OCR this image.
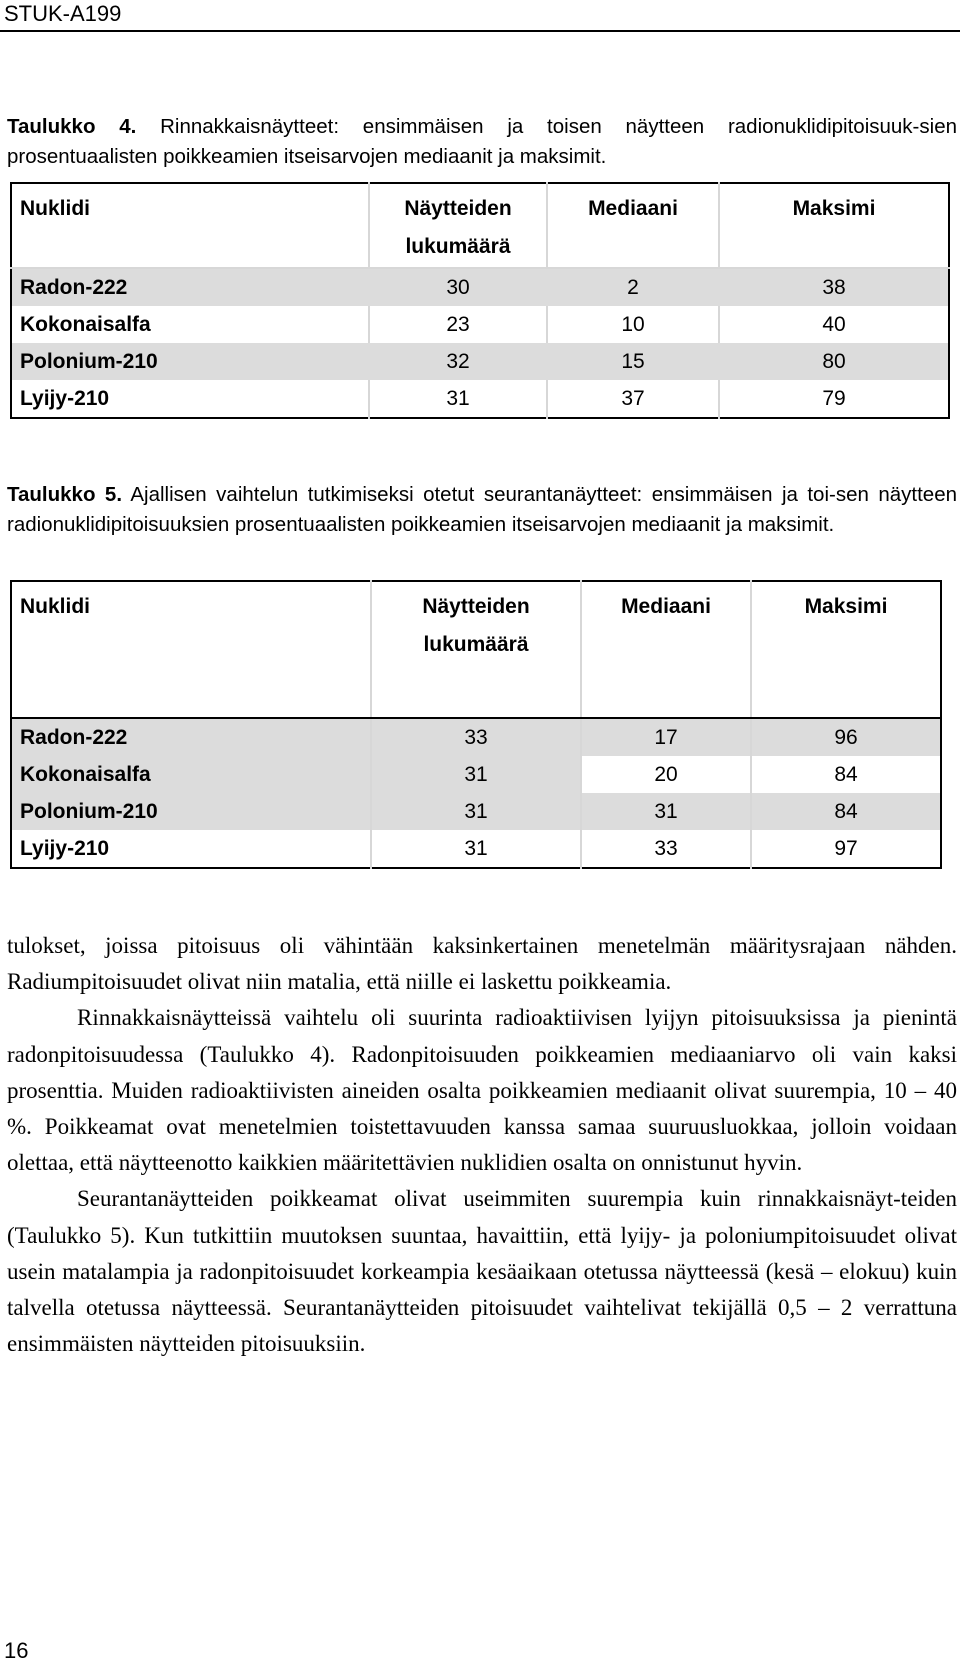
STUK-A199
Taulukko 4. Rinnakkaisnäytteet: ensimmäisen ja toisen näytteen radionuklidipitoisuuk-sien prosentuaalisten poikkeamien itseisarvojen mediaanit ja maksimit.
Nuklidi	Näytteiden lukumäärä	Mediaani	Maksimi
Radon-222	30	2	38
Kokonaisalfa	23	10	40
Polonium-210	32	15	80
Lyijy-210	31	37	79
Taulukko 5. Ajallisen vaihtelun tutkimiseksi otetut seurantanäytteet: ensimmäisen ja toi-sen näytteen radionuklidipitoisuuksien prosentuaalisten poikkeamien itseisarvojen mediaanit ja maksimit.
Nuklidi	Näytteiden lukumäärä	Mediaani	Maksimi
Radon-222	33	17	96
Kokonaisalfa	31	20	84
Polonium-210	31	31	84
Lyijy-210	31	33	97

tulokset, joissa pitoisuus oli vähintään kaksinkertainen menetelmän määritysrajaan nähden. Radiumpitoisuudet olivat niin matalia, että niille ei laskettu poikkeamia.

Rinnakkaisnäytteissä vaihtelu oli suurinta radioaktiivisen lyijyn pitoisuuksissa ja pienintä radonpitoisuudessa (Taulukko 4). Radonpitoisuuden poikkeamien mediaaniarvo oli vain kaksi prosenttia. Muiden radioaktiivisten aineiden osalta poikkeamien mediaanit olivat suurempia, 10 – 40 %. Poikkeamat ovat menetelmien toistettavuuden kanssa samaa suuruusluokkaa, jolloin voidaan olettaa, että näytteenotto kaikkien määritettävien nuklidien osalta on onnistunut hyvin.

Seurantanäytteiden poikkeamat olivat useimmiten suurempia kuin rinnakkaisnäyt-teiden (Taulukko 5). Kun tutkittiin muutoksen suuntaa, havaittiin, että lyijy- ja poloniumpitoisuudet olivat usein matalampia ja radonpitoisuudet korkeampia kesäaikaan otetussa näytteessä (kesä – elokuu) kuin talvella otetussa näytteessä. Seurantanäytteiden pitoisuudet vaihtelivat tekijällä 0,5 – 2 verrattuna ensimmäisten näytteiden pitoisuuksiin.

16
